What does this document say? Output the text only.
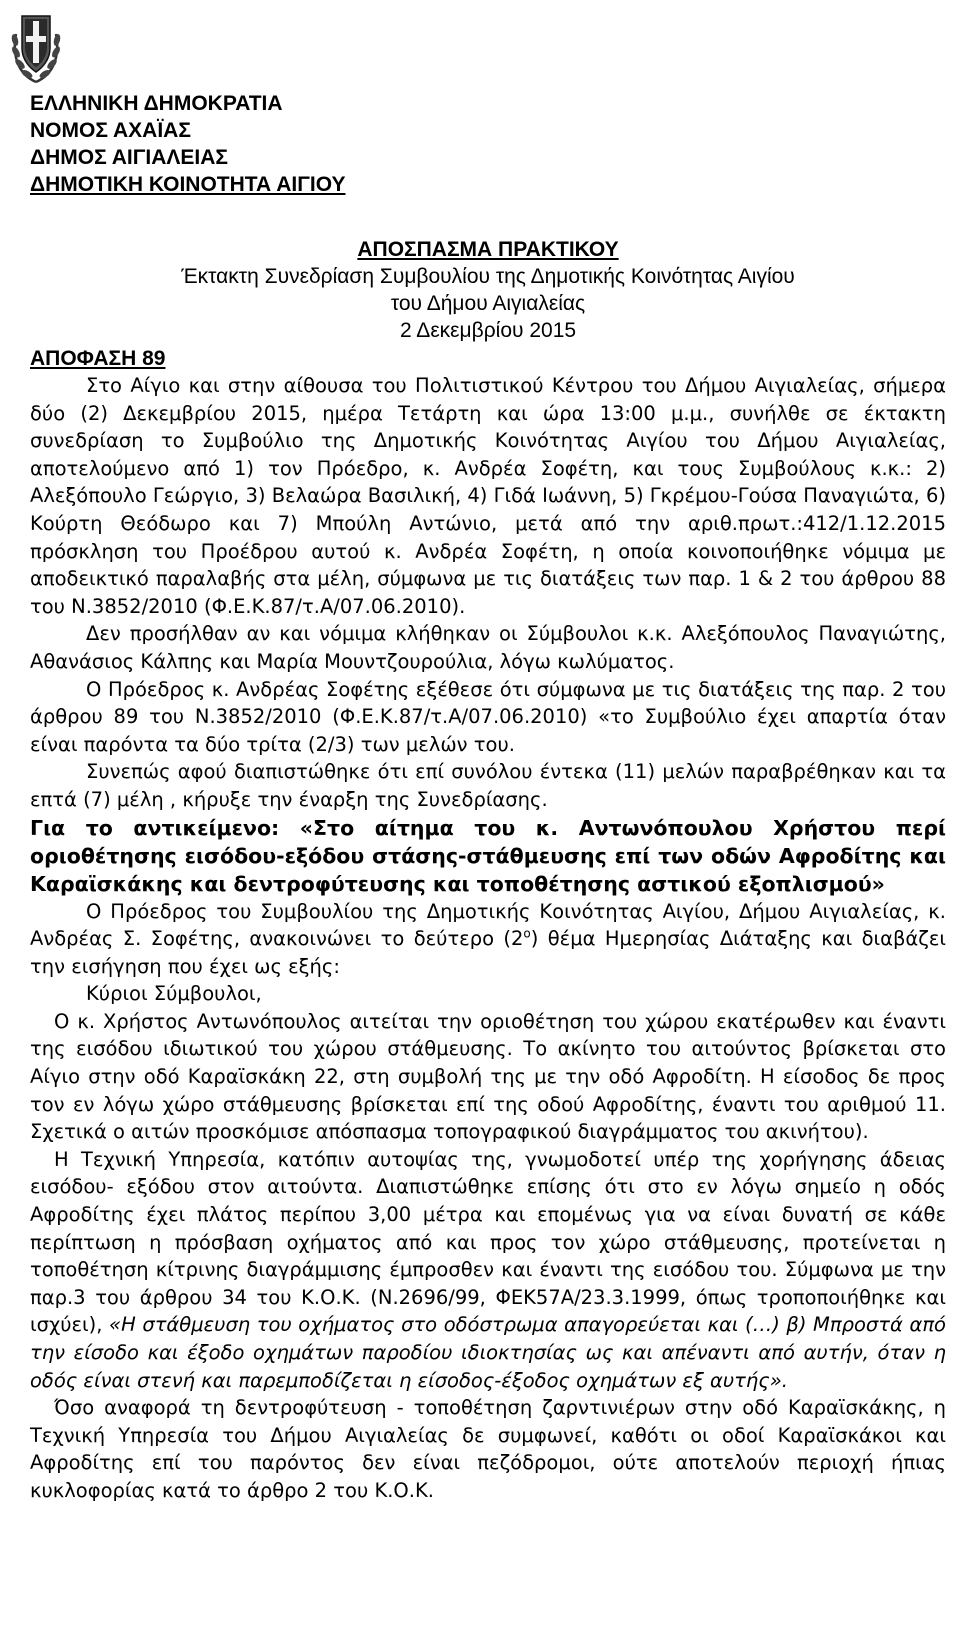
ΕΛΛΗΝΙΚΗ ΔΗΜΟΚΡΑΤΙΑ
ΝΟΜΟΣ ΑΧΑΪΑΣ
ΔΗΜΟΣ ΑΙΓΙΑΛΕΙΑΣ
ΔΗΜΟΤΙΚΗ ΚΟΙΝΟΤΗΤΑ ΑΙΓΙΟΥ
ΑΠΟΣΠΑΣΜΑ ΠΡΑΚΤΙΚΟΥ
Έκτακτη Συνεδρίαση Συμβουλίου της Δημοτικής Κοινότητας Αιγίου
του Δήμου Αιγιαλείας
2 Δεκεμβρίου 2015
ΑΠΟΦΑΣΗ 89

Στο Αίγιο και στην αίθουσα του Πολιτιστικού Κέντρου του Δήμου Αιγιαλείας, σήμερα δύο (2) Δεκεμβρίου 2015, ημέρα Τετάρτη και ώρα 13:00 μ.μ., συνήλθε σε έκτακτη συνεδρίαση το Συμβούλιο της Δημοτικής Κοινότητας Αιγίου του Δήμου Αιγιαλείας, αποτελούμενο από 1) τον Πρόεδρο, κ. Ανδρέα Σοφέτη, και τους Συμβούλους κ.κ.: 2) Αλεξόπουλο Γεώργιο, 3) Βελαώρα Βασιλική, 4) Γιδά Ιωάννη, 5) Γκρέμου-Γούσα Παναγιώτα, 6) Κούρτη Θεόδωρο και 7) Μπούλη Αντώνιο, μετά από την αριθ.πρωτ.:412/1.12.2015 πρόσκληση του Προέδρου αυτού κ. Ανδρέα Σοφέτη, η οποία κοινοποιήθηκε νόμιμα με αποδεικτικό παραλαβής στα μέλη, σύμφωνα με τις διατάξεις των παρ. 1 & 2 του άρθρου 88 του Ν.3852/2010 (Φ.Ε.Κ.87/τ.Α/07.06.2010).

Δεν προσήλθαν αν και νόμιμα κλήθηκαν οι Σύμβουλοι κ.κ. Αλεξόπουλος Παναγιώτης, Αθανάσιος Κάλπης και Μαρία Μουντζουρούλια, λόγω κωλύματος.

Ο Πρόεδρος κ. Ανδρέας Σοφέτης εξέθεσε ότι σύμφωνα με τις διατάξεις της παρ. 2 του άρθρου 89 του Ν.3852/2010 (Φ.Ε.Κ.87/τ.Α/07.06.2010) «το Συμβούλιο έχει απαρτία όταν είναι παρόντα τα δύο τρίτα (2/3) των μελών του.

Συνεπώς αφού διαπιστώθηκε ότι επί συνόλου έντεκα (11) μελών παραβρέθηκαν και τα επτά (7) μέλη , κήρυξε την έναρξη της Συνεδρίασης.

Για το αντικείμενο: «Στο αίτημα του κ. Αντωνόπουλου Χρήστου περί οριοθέτησης εισόδου-εξόδου στάσης-στάθμευσης επί των οδών Αφροδίτης και Καραϊσκάκης και δεντροφύτευσης και τοποθέτησης αστικού εξοπλισμού»

Ο Πρόεδρος του Συμβουλίου της Δημοτικής Κοινότητας Αιγίου, Δήμου Αιγιαλείας, κ. Ανδρέας Σ. Σοφέτης, ανακοινώνει το δεύτερο $(2^o)$ θέμα Ημερησίας Διάταξης και διαβάζει την εισήγηση που έχει ως εξής:

Κύριοι Σύμβουλοι,

Ο κ. Χρήστος Αντωνόπουλος αιτείται την οριοθέτηση του χώρου εκατέρωθεν και έναντι της εισόδου ιδιωτικού του χώρου στάθμευσης. Το ακίνητο του αιτούντος βρίσκεται στο Αίγιο στην οδό Καραϊσκάκη 22, στη συμβολή της με την οδό Αφροδίτη. Η είσοδος δε προς τον εν λόγω χώρο στάθμευσης βρίσκεται επί της οδού Αφροδίτης, έναντι του αριθμού 11. Σχετικά ο αιτών προσκόμισε απόσπασμα τοπογραφικού διαγράμματος του ακινήτου).

Η Τεχνική Υπηρεσία, κατόπιν αυτοψίας της, γνωμοδοτεί υπέρ της χορήγησης άδειας εισόδου- εξόδου στον αιτούντα. Διαπιστώθηκε επίσης ότι στο εν λόγω σημείο η οδός Αφροδίτης έχει πλάτος περίπου 3,00 μέτρα και επομένως για να είναι δυνατή σε κάθε περίπτωση η πρόσβαση οχήματος από και προς τον χώρο στάθμευσης, προτείνεται η τοποθέτηση κίτρινης διαγράμμισης έμπροσθεν και έναντι της εισόδου του. Σύμφωνα με την παρ.3 του άρθρου 34 του Κ.Ο.Κ. (Ν.2696/99, ΦΕΚ57Α/23.3.1999, όπως τροποποιήθηκε και ισχύει), «Η στάθμευση του οχήματος στο οδόστρωμα απαγορεύεται και (…) β) Μπροστά από την είσοδο και έξοδο οχημάτων παροδίου ιδιοκτησίας ως και απέναντι από αυτήν, όταν η οδός είναι στενή και παρεμποδίζεται η είσοδος-έξοδος οχημάτων εξ αυτής».

Όσο αναφορά τη δεντροφύτευση - τοποθέτηση ζαρντινιέρων στην οδό Καραϊσκάκης, η Τεχνική Υπηρεσία του Δήμου Αιγιαλείας δε συμφωνεί, καθότι οι οδοί Καραϊσκάκοι και Αφροδίτης επί του παρόντος δεν είναι πεζόδρομοι, ούτε αποτελούν περιοχή ήπιας κυκλοφορίας κατά το άρθρο 2 του Κ.Ο.Κ.
